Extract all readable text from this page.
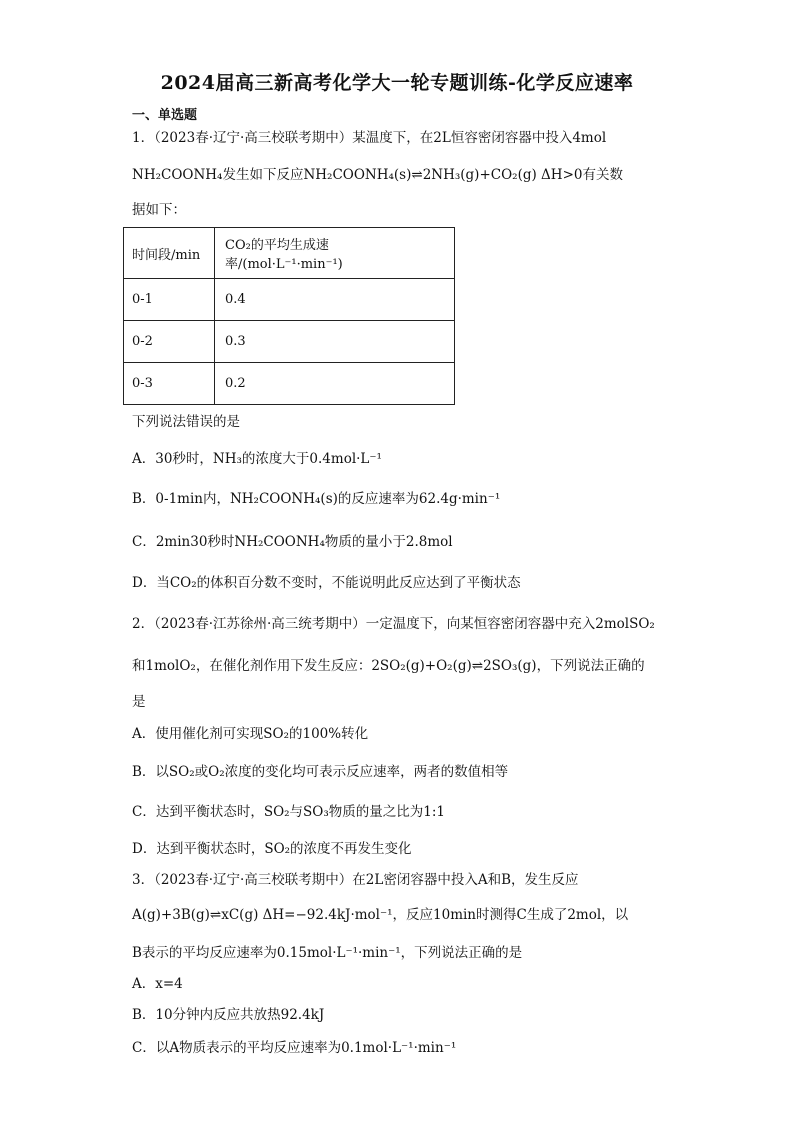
2024届高三新高考化学大一轮专题训练-化学反应速率
一、单选题
1．（2023春·辽宁·高三校联考期中）某温度下，在2L恒容密闭容器中投入4mol
NH₂COONH₄发生如下反应NH₂COONH₄(s)⇌2NH₃(g)+CO₂(g) ΔH>0有关数
据如下：
时间段/min	CO₂的平均生成速率/(mol·L⁻¹·min⁻¹)
0-1	0.4
0-2	0.3
0-3	0.2
下列说法错误的是
A．30秒时，NH₃的浓度大于0.4mol·L⁻¹
B．0-1min内，NH₂COONH₄(s)的反应速率为62.4g·min⁻¹
C．2min30秒时NH₂COONH₄物质的量小于2.8mol
D．当CO₂的体积百分数不变时，不能说明此反应达到了平衡状态
2．（2023春·江苏徐州·高三统考期中）一定温度下，向某恒容密闭容器中充入2molSO₂
和1molO₂，在催化剂作用下发生反应：2SO₂(g)+O₂(g)⇌2SO₃(g)，下列说法正确的
是
A．使用催化剂可实现SO₂的100%转化
B．以SO₂或O₂浓度的变化均可表示反应速率，两者的数值相等
C．达到平衡状态时，SO₂与SO₃物质的量之比为1:1
D．达到平衡状态时，SO₂的浓度不再发生变化
3．（2023春·辽宁·高三校联考期中）在2L密闭容器中投入A和B，发生反应
A(g)+3B(g)⇌xC(g) ΔH=−92.4kJ·mol⁻¹，反应10min时测得C生成了2mol，以
B表示的平均反应速率为0.15mol·L⁻¹·min⁻¹，下列说法正确的是
A．x=4
B．10分钟内反应共放热92.4kJ
C．以A物质表示的平均反应速率为0.1mol·L⁻¹·min⁻¹
